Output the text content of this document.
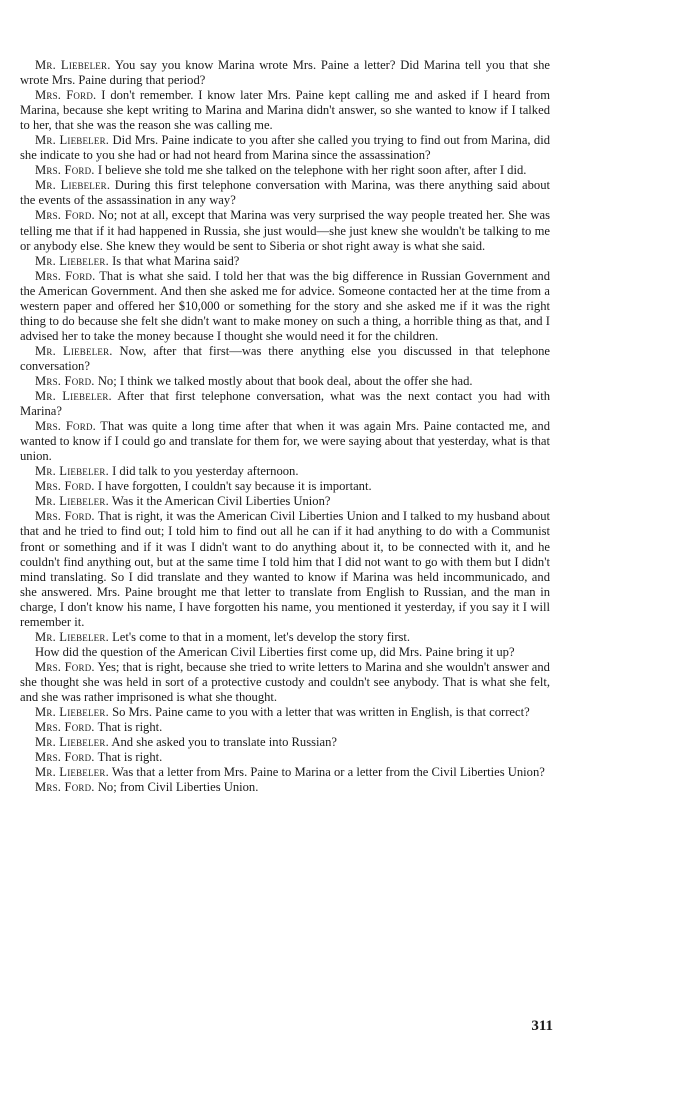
Mr. Liebeler. You say you know Marina wrote Mrs. Paine a letter? Did Marina tell you that she wrote Mrs. Paine during that period?

Mrs. Ford. I don't remember. I know later Mrs. Paine kept calling me and asked if I heard from Marina, because she kept writing to Marina and Marina didn't answer, so she wanted to know if I talked to her, that she was the reason she was calling me.

Mr. Liebeler. Did Mrs. Paine indicate to you after she called you trying to find out from Marina, did she indicate to you she had or had not heard from Marina since the assassination?

Mrs. Ford. I believe she told me she talked on the telephone with her right soon after, after I did.

Mr. Liebeler. During this first telephone conversation with Marina, was there anything said about the events of the assassination in any way?

Mrs. Ford. No; not at all, except that Marina was very surprised the way people treated her. She was telling me that if it had happened in Russia, she just would—she just knew she wouldn't be talking to me or anybody else. She knew they would be sent to Siberia or shot right away is what she said.

Mr. Liebeler. Is that what Marina said?

Mrs. Ford. That is what she said. I told her that was the big difference in Russian Government and the American Government. And then she asked me for advice. Someone contacted her at the time from a western paper and offered her $10,000 or something for the story and she asked me if it was the right thing to do because she felt she didn't want to make money on such a thing, a horrible thing as that, and I advised her to take the money because I thought she would need it for the children.

Mr. Liebeler. Now, after that first—was there anything else you discussed in that telephone conversation?

Mrs. Ford. No; I think we talked mostly about that book deal, about the offer she had.

Mr. Liebeler. After that first telephone conversation, what was the next contact you had with Marina?

Mrs. Ford. That was quite a long time after that when it was again Mrs. Paine contacted me, and wanted to know if I could go and translate for them for, we were saying about that yesterday, what is that union.

Mr. Liebeler. I did talk to you yesterday afternoon.

Mrs. Ford. I have forgotten, I couldn't say because it is important.

Mr. Liebeler. Was it the American Civil Liberties Union?

Mrs. Ford. That is right, it was the American Civil Liberties Union and I talked to my husband about that and he tried to find out; I told him to find out all he can if it had anything to do with a Communist front or something and if it was I didn't want to do anything about it, to be connected with it, and he couldn't find anything out, but at the same time I told him that I did not want to go with them but I didn't mind translating. So I did translate and they wanted to know if Marina was held incommunicado, and she answered. Mrs. Paine brought me that letter to translate from English to Russian, and the man in charge, I don't know his name, I have forgotten his name, you mentioned it yesterday, if you say it I will remember it.

Mr. Liebeler. Let's come to that in a moment, let's develop the story first.

How did the question of the American Civil Liberties first come up, did Mrs. Paine bring it up?

Mrs. Ford. Yes; that is right, because she tried to write letters to Marina and she wouldn't answer and she thought she was held in sort of a protective custody and couldn't see anybody. That is what she felt, and she was rather imprisoned is what she thought.

Mr. Liebeler. So Mrs. Paine came to you with a letter that was written in English, is that correct?

Mrs. Ford. That is right.

Mr. Liebeler. And she asked you to translate into Russian?

Mrs. Ford. That is right.

Mr. Liebeler. Was that a letter from Mrs. Paine to Marina or a letter from the Civil Liberties Union?

Mrs. Ford. No; from Civil Liberties Union.

311
